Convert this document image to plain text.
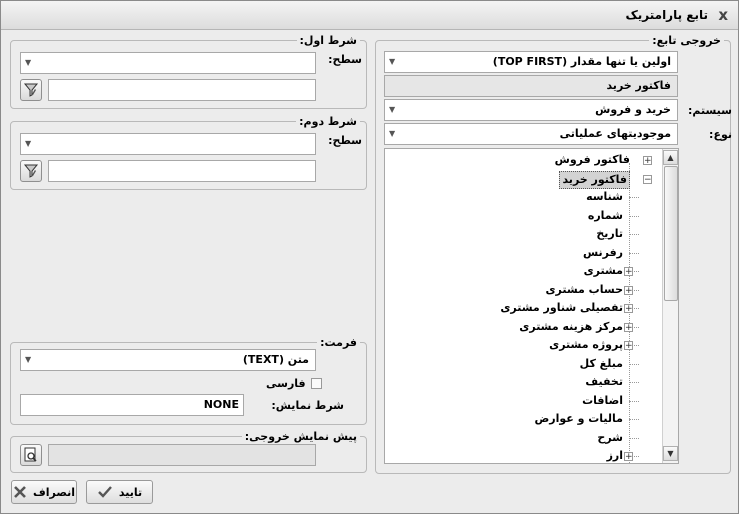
تابع پارامتریک x
شرط اول:
سطح:
▼
شرط دوم:
سطح:
▼
فرمت:
متن (TEXT)
▼
فارسی
شرط نمایش:
NONE
پیش نمایش خروجی:
خروجی تابع:
اولین یا تنها مقدار (TOP FIRST)
▼
فاکتور خرید
سیستم:
خرید و فروش
▼
نوع:
موجودیتهای عملیاتی
▼
فاکتور فروش +
فاکتور خرید	−
شناسه
شماره
تاریخ
رفرنس
مشتری +
حساب مشتری +
تفصیلی شناور مشتری +
مرکز هزینه مشتری +
پروژه مشتری +
مبلغ کل
تخفیف
اضافات
مالیات و عوارض
شرح
ارز +
▲
▼
تایید
انصراف
